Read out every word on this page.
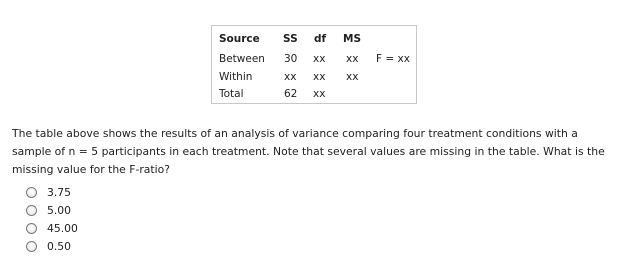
Source SS df MS
Between 30 xx xx F = xx
Within	xx xx xx
Total	62 xx
The table above shows the results of an analysis of variance comparing four treatment conditions with a sample of n = 5 participants in each treatment. Note that several values are missing in the table. What is the missing value for the F-ratio?
3.75
5.00
45.00
0.50
